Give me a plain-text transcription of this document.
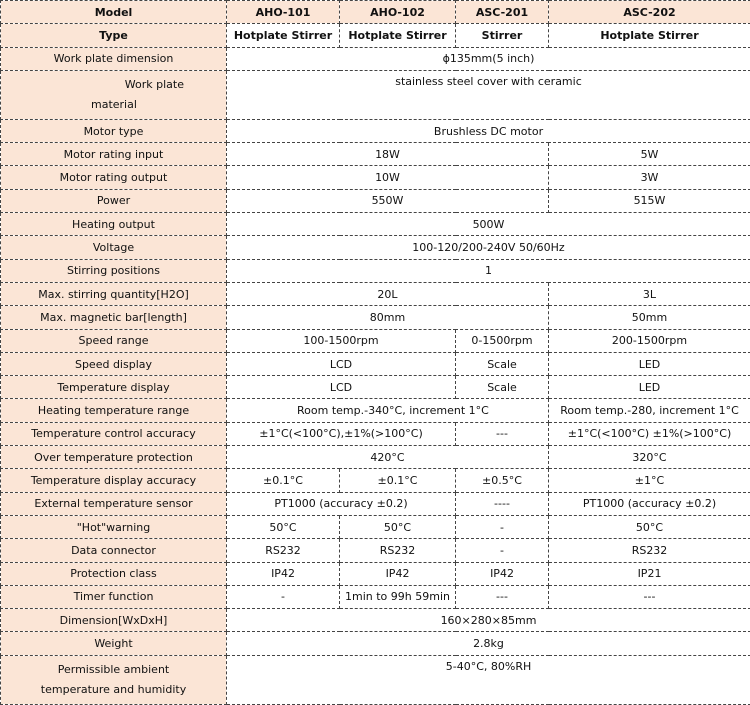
Model	AHO-101	AHO-102	ASC-201	ASC-202
Type	Hotplate Stirrer	Hotplate Stirrer	Stirrer	Hotplate Stirrer
Work plate dimension	ϕ135mm(5 inch)			

Work plate
material	stainless steel cover with ceramic			
Motor type	Brushless DC motor			
Motor rating input	18W			5W
Motor rating output	10W			3W
Power	550W			515W
Heating output	500W			
Voltage	100-120/200-240V 50/60Hz			
Stirring positions	1			
Max. stirring quantity[H2O]	20L			3L
Max. magnetic bar[length]	80mm			50mm
Speed range	100-1500rpm		0-1500rpm	200-1500rpm
Speed display	LCD		Scale	LED
Temperature display	LCD		Scale	LED
Heating temperature range	Room temp.-340°C, increment 1°C			Room temp.-280, increment 1°C
Temperature control accuracy	±1°C(<100°C),±1%(>100°C)		---	±1°C(<100°C) ±1%(>100°C)
Over temperature protection	420°C			320°C
Temperature display accuracy	±0.1°C	±0.1°C	±0.5°C	±1°C
External temperature sensor	PT1000 (accuracy ±0.2)		----	PT1000 (accuracy ±0.2)
"Hot"warning	50°C	50°C	-	50°C
Data connector	RS232	RS232	-	RS232
Protection class	IP42	IP42	IP42	IP21
Timer function	-	1min to 99h 59min	---	---
Dimension[WxDxH]	160×280×85mm			
Weight	2.8kg			

Permissible ambient
temperature and humidity	5-40°C, 80%RH			
